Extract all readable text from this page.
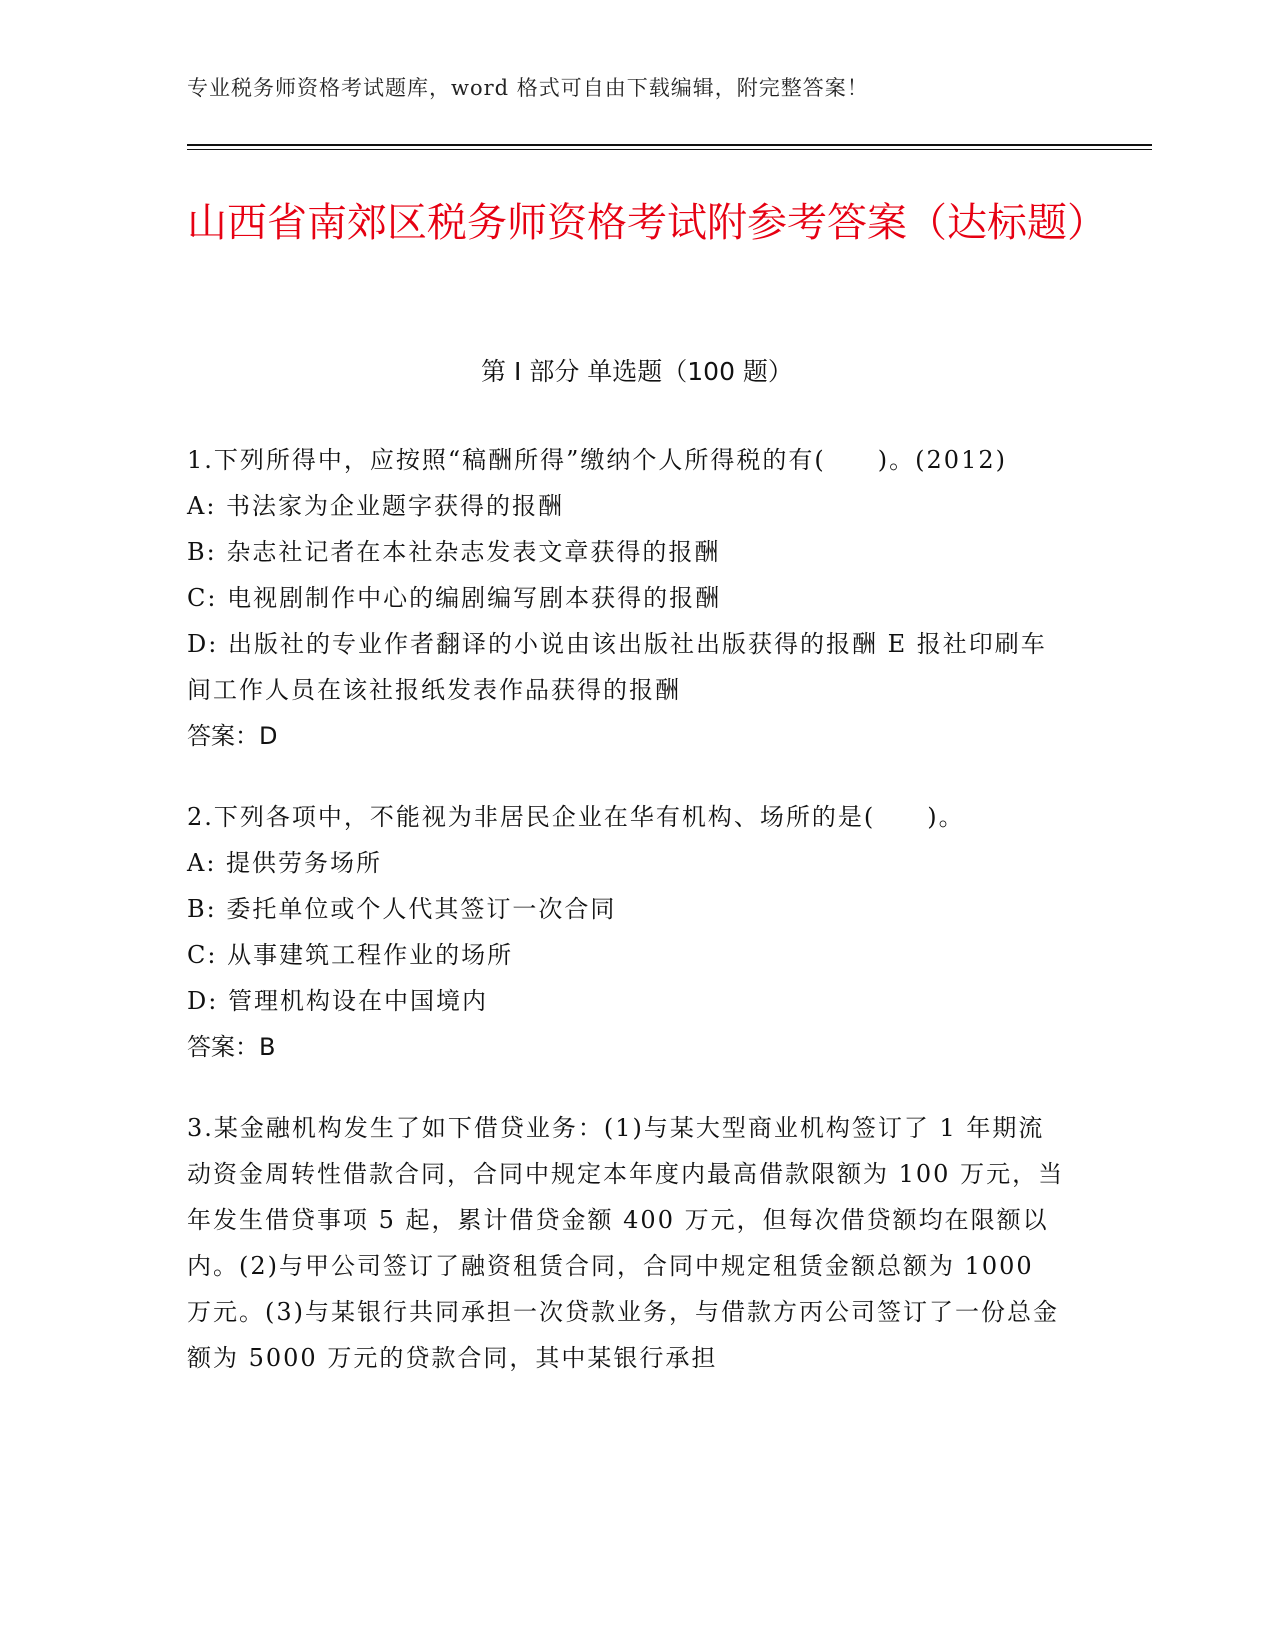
专业税务师资格考试题库，word 格式可自由下载编辑，附完整答案！
山西省南郊区税务师资格考试附参考答案（达标题）
第 I 部分 单选题（100 题）
1.下列所得中，应按照“稿酬所得”缴纳个人所得税的有(　　)。(2012)
A: 书法家为企业题字获得的报酬
B: 杂志社记者在本社杂志发表文章获得的报酬
C: 电视剧制作中心的编剧编写剧本获得的报酬
D: 出版社的专业作者翻译的小说由该出版社出版获得的报酬 E 报社印刷车间工作人员在该社报纸发表作品获得的报酬
答案：D
2.下列各项中，不能视为非居民企业在华有机构、场所的是(　　)。
A: 提供劳务场所
B: 委托单位或个人代其签订一次合同
C: 从事建筑工程作业的场所
D: 管理机构设在中国境内
答案：B
3.某金融机构发生了如下借贷业务：(1)与某大型商业机构签订了 1 年期流动资金周转性借款合同，合同中规定本年度内最高借款限额为 100 万元，当年发生借贷事项 5 起，累计借贷金额 400 万元，但每次借贷额均在限额以内。(2)与甲公司签订了融资租赁合同，合同中规定租赁金额总额为 1000 万元。(3)与某银行共同承担一次贷款业务，与借款方丙公司签订了一份总金额为 5000 万元的贷款合同，其中某银行承担
